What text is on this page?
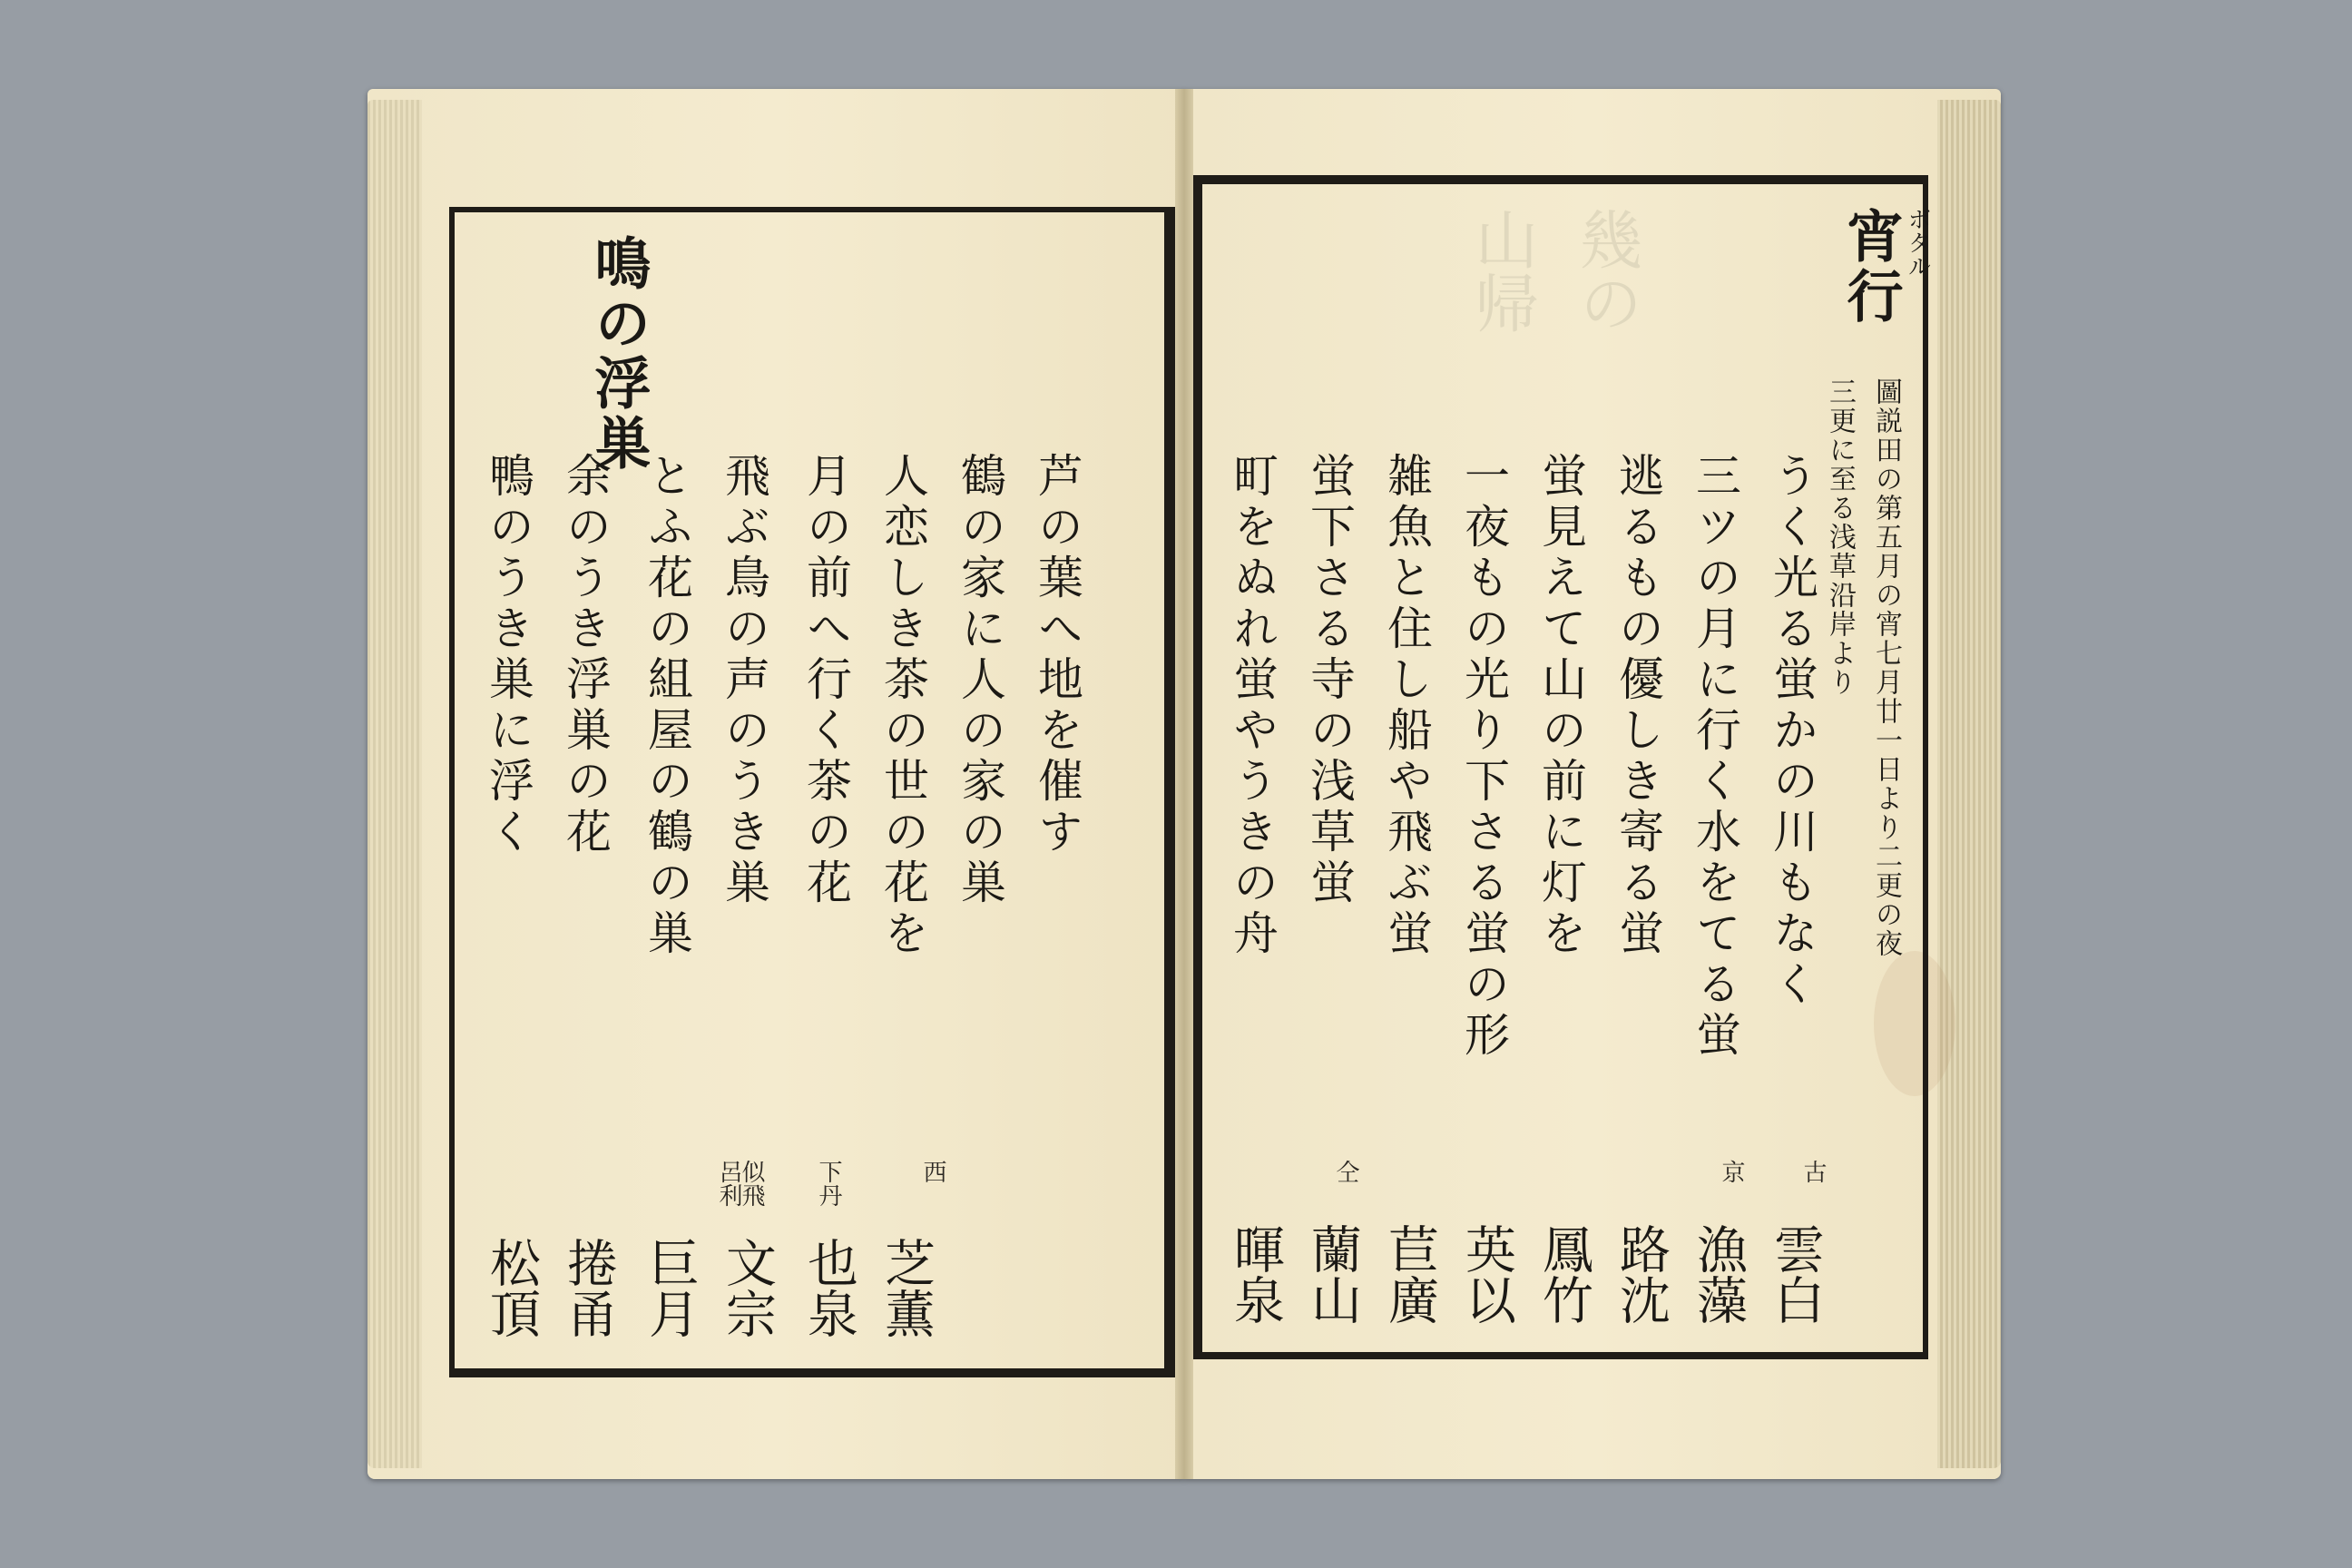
山帰 幾の
鳴の浮巣
鴨のうき巣に浮く 余のうき浮巣の花 とふ花の組屋の鶴の巣 飛ぶ鳥の声のうき巣 月の前へ行く茶の花 人恋しき茶の世の花を 鶴の家に人の家の巣 芦の葉へ地を催す
西
下丹
似飛
呂利
松頂 捲甬 巨月 文宗 也泉 芝薫
宵行 ボタル
圖説田の第五月の宵七月廿一日より二更の夜
三更に至る浅草沿岸より
うく光る蛍かの川もなく
三ツの月に行く水をてる蛍
逃るもの優しき寄る蛍
蛍見えて山の前に灯を
一夜もの光り下さる蛍の形
雑魚と住し船や飛ぶ蛍
蛍下さる寺の浅草蛍
町をぬれ蛍やうきの舟
古
京
仝
雲白
漁藻
路沈
鳳竹
英以
苣廣
蘭山
暉泉
